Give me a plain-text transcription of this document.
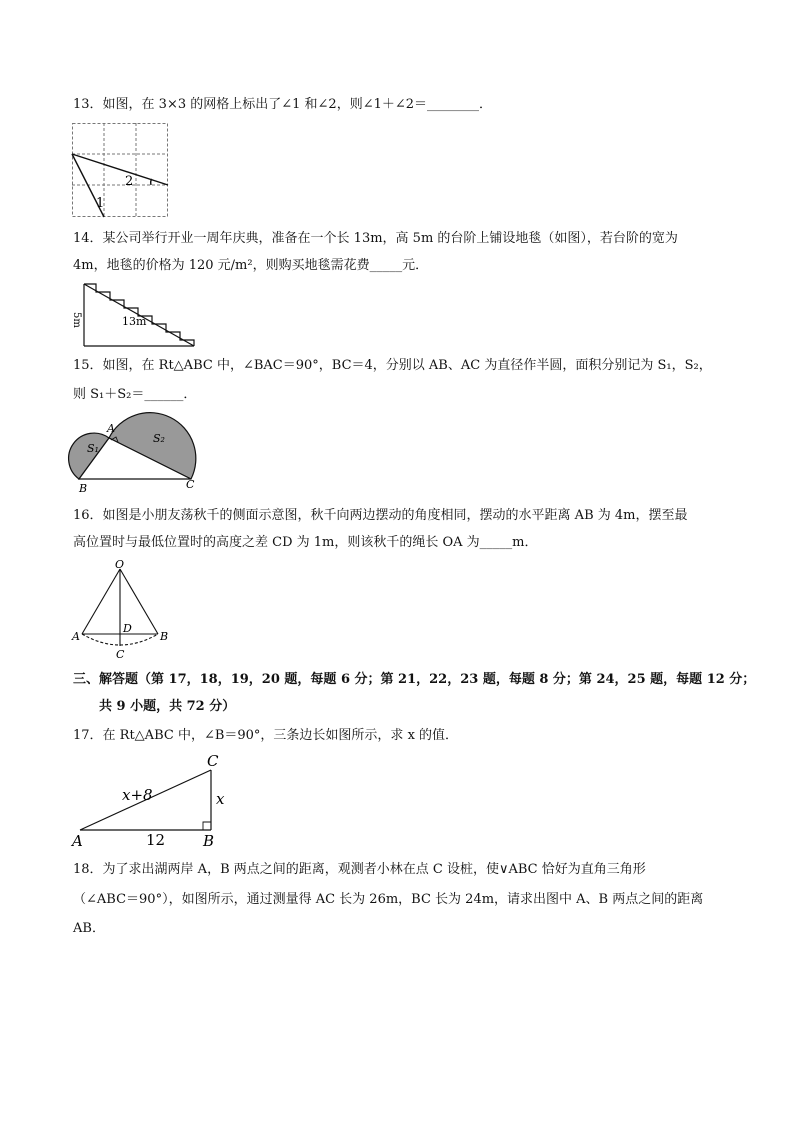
13．如图，在 3×3 的网格上标出了∠1 和∠2，则∠1＋∠2＝________．
1
2
14．某公司举行开业一周年庆典，准备在一个长 13m，高 5m 的台阶上铺设地毯（如图），若台阶的宽为
4m，地毯的价格为 120 元/m²，则购买地毯需花费_____元．
5m	13m
15．如图，在 Rt△ABC 中，∠BAC＝90°，BC＝4，分别以 AB、AC 为直径作半圆，面积分别记为 S₁，S₂，
则 S₁＋S₂＝______．
A
B	C
S₁
S₂
16．如图是小朋友荡秋千的侧面示意图，秋千向两边摆动的角度相同，摆动的水平距离 AB 为 4m，摆至最
高位置时与最低位置时的高度之差 CD 为 1m，则该秋千的绳长 OA 为_____m．
O
A	B
D
C
三、解答题（第 17，18，19，20 题，每题 6 分；第 21，22，23 题，每题 8 分；第 24，25 题，每题 12 分；
共 9 小题，共 72 分）
17．在 Rt△ABC 中，∠B＝90°，三条边长如图所示，求 x 的值．
C
A	B
x+8	x
12
18．为了求出湖两岸 A，B 两点之间的距离，观测者小林在点 C 设桩，使∨ABC 恰好为直角三角形
（∠ABC＝90°），如图所示，通过测量得 AC 长为 26m，BC 长为 24m，请求出图中 A、B 两点之间的距离
AB．
